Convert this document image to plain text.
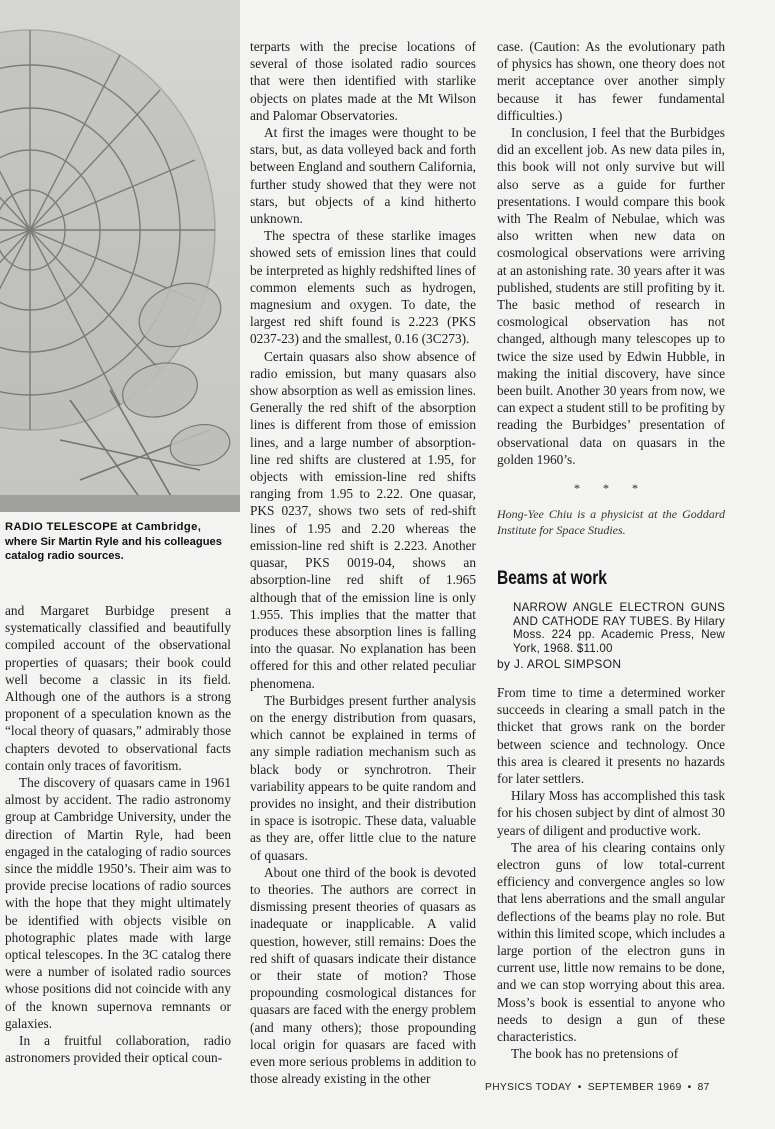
RADIO TELESCOPE at Cambridge, where Sir Martin Ryle and his colleagues catalog radio sources.

and Margaret Burbidge present a systematically classified and beautifully compiled account of the observational properties of quasars; their book could well become a classic in its field. Although one of the authors is a strong proponent of a speculation known as the “local theory of quasars,” admirably those chapters devoted to observational facts contain only traces of favoritism.

The discovery of quasars came in 1961 almost by accident. The radio astronomy group at Cambridge University, under the direction of Martin Ryle, had been engaged in the cataloging of radio sources since the middle 1950’s. Their aim was to provide precise locations of radio sources with the hope that they might ultimately be identified with objects visible on photographic plates made with large optical telescopes. In the 3C catalog there were a number of isolated radio sources whose positions did not coincide with any of the known supernova remnants or galaxies.

In a fruitful collaboration, radio astronomers provided their optical coun-

terparts with the precise locations of several of those isolated radio sources that were then identified with starlike objects on plates made at the Mt Wilson and Palomar Observatories.

At first the images were thought to be stars, but, as data volleyed back and forth between England and southern California, further study showed that they were not stars, but objects of a kind hitherto unknown.

The spectra of these starlike images showed sets of emission lines that could be interpreted as highly redshifted lines of common elements such as hydrogen, magnesium and oxygen. To date, the largest red shift found is 2.223 (PKS 0237-23) and the smallest, 0.16 (3C273).

Certain quasars also show absence of radio emission, but many quasars also show absorption as well as emission lines. Generally the red shift of the absorption lines is different from those of emission lines, and a large number of absorption-line red shifts are clustered at 1.95, for objects with emission-line red shifts ranging from 1.95 to 2.22. One quasar, PKS 0237, shows two sets of red-shift lines of 1.95 and 2.20 whereas the emission-line red shift is 2.223. Another quasar, PKS 0019-04, shows an absorption-line red shift of 1.965 although that of the emission line is only 1.955. This implies that the matter that produces these absorption lines is falling into the quasar. No explanation has been offered for this and other related peculiar phenomena.

The Burbidges present further analysis on the energy distribution from quasars, which cannot be explained in terms of any simple radiation mechanism such as black body or synchrotron. Their variability appears to be quite random and provides no insight, and their distribution in space is isotropic. These data, valuable as they are, offer little clue to the nature of quasars.

About one third of the book is devoted to theories. The authors are correct in dismissing present theories of quasars as inadequate or inapplicable. A valid question, however, still remains: Does the red shift of quasars indicate their distance or their state of motion? Those propounding cosmological distances for quasars are faced with the energy problem (and many others); those propounding local origin for quasars are faced with even more serious problems in addition to those already existing in the other

case. (Caution: As the evolutionary path of physics has shown, one theory does not merit acceptance over another simply because it has fewer fundamental difficulties.)

In conclusion, I feel that the Burbidges did an excellent job. As new data piles in, this book will not only survive but will also serve as a guide for further presentations. I would compare this book with The Realm of Nebulae, which was also written when new data on cosmological observations were arriving at an astonishing rate. 30 years after it was published, students are still profiting by it. The basic method of research in cosmological observation has not changed, although many telescopes up to twice the size used by Edwin Hubble, in making the initial discovery, have since been built. Another 30 years from now, we can expect a student still to be profiting by reading the Burbidges’ presentation of observational data on quasars in the golden 1960’s.

* * *

Hong-Yee Chiu is a physicist at the Goddard Institute for Space Studies.

Beams at work
NARROW ANGLE ELECTRON GUNS AND CATHODE RAY TUBES. By Hilary Moss. 224 pp. Academic Press, New York, 1968. $11.00
by J. AROL SIMPSON

From time to time a determined worker succeeds in clearing a small patch in the thicket that grows rank on the border between science and technology. Once this area is cleared it presents no hazards for later settlers.

Hilary Moss has accomplished this task for his chosen subject by dint of almost 30 years of diligent and productive work.

The area of his clearing contains only electron guns of low total-current efficiency and convergence angles so low that lens aberrations and the small angular deflections of the beams play no role. But within this limited scope, which includes a large portion of the electron guns in current use, little now remains to be done, and we can stop worrying about this area. Moss’s book is essential to anyone who needs to design a gun of these characteristics.

The book has no pretensions of

PHYSICS TODAY • SEPTEMBER 1969 • 87
